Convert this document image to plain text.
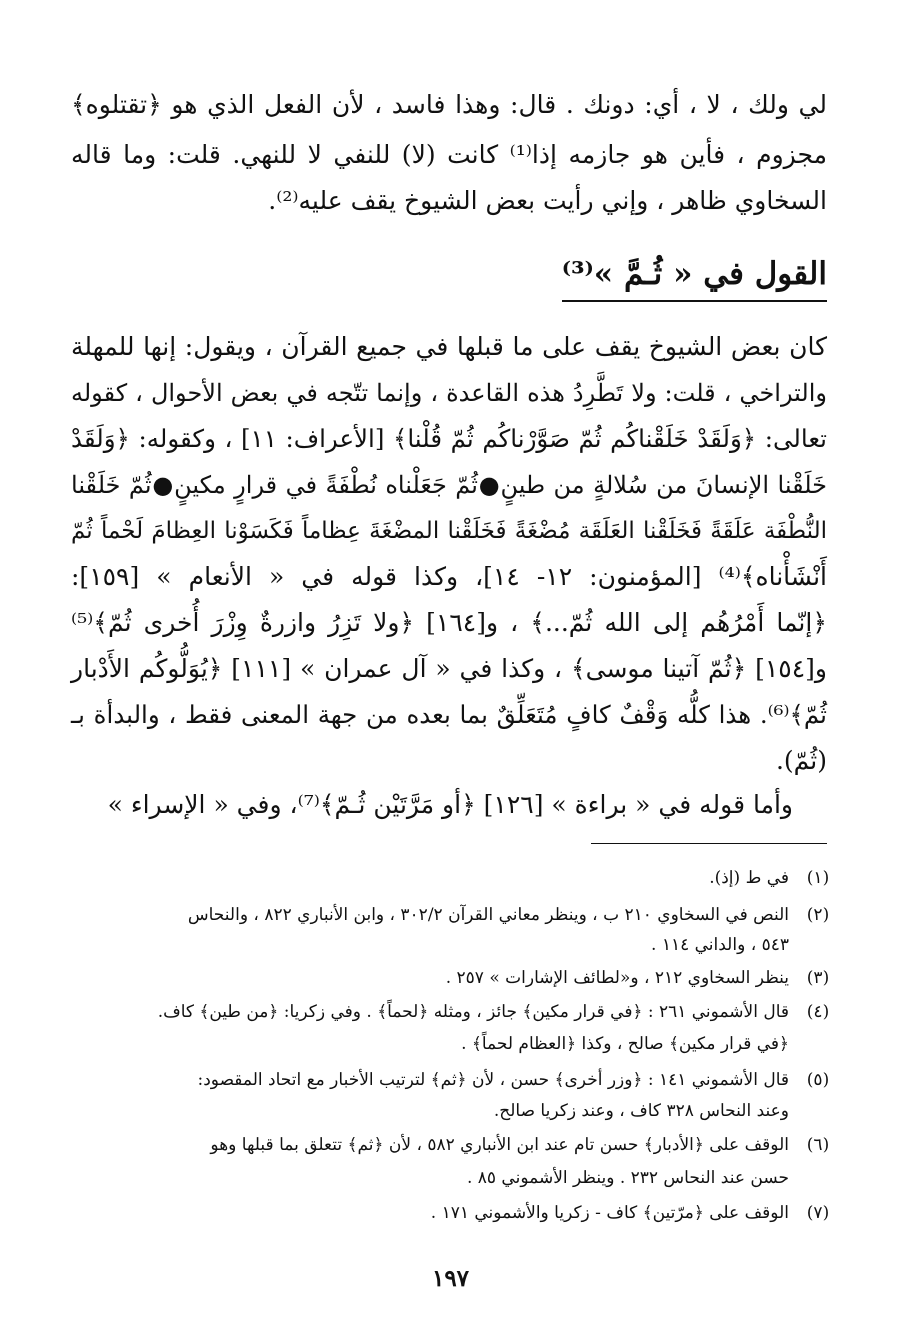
لي ولك ، لا ، أي: دونك . قال: وهذا فاسد ، لأن الفعل الذي هو ﴿تقتلوه﴾
مجزوم ، فأين هو جازمه إذا⁽¹⁾ كانت (لا) للنفي لا للنهي. قلت: وما قاله
السخاوي ظاهر ، وإني رأيت بعض الشيوخ يقف عليه⁽²⁾.
القول في « ثُـمَّ »⁽³⁾
كان بعض الشيوخ يقف على ما قبلها في جميع القرآن ، ويقول: إنها للمهلة
والتراخي ، قلت: ولا تَطَّرِدُ هذه القاعدة ، وإنما تتّجه في بعض الأحوال ، كقوله
تعالى: ﴿وَلَقَدْ خَلَقْناكُم ثُمّ صَوَّرْناكُم ثُمّ قُلْنا﴾ [الأعراف: ١١] ، وكقوله: ﴿وَلَقَدْ
خَلَقْنا الإنسانَ من سُلالةٍ من طينٍ●ثُمّ جَعَلْناه نُطْفَةً في قرارٍ مكينٍ●ثُمّ خَلَقْنا
النُّطْفَة عَلَقَةً فَخَلَقْنا العَلَقَة مُضْغَةً فَخَلَقْنا المضْغَةَ عِظاماً فَكَسَوْنا العِظامَ لَحْماً ثُمّ
أَنْشَأْناه﴾⁽⁴⁾ [المؤمنون: ١٢- ١٤]، وكذا قوله في « الأنعام » [١٥٩]:
﴿إنّما أَمْرُهُم إلى الله ثُمّ...﴾ ، و[١٦٤] ﴿ولا تَزِرُ وازرةٌ وِزْرَ أُخرى ثُمّ﴾⁽⁵⁾
و[١٥٤] ﴿ثُمّ آتينا موسى﴾ ، وكذا في « آل عمران » [١١١] ﴿يُوَلُّوكُم الأَدْبار
ثُمّ﴾⁽⁶⁾. هذا كلُّه وَقْفٌ كافٍ مُتَعَلِّقٌ بما بعده من جهة المعنى فقط ، والبدأة بـ
(ثُمّ).
وأما قوله في « براءة » [١٢٦] ﴿أو مَرَّتَيْن ثُـمّ﴾⁽⁷⁾، وفي « الإسراء »
(١)
في ط (إذ).
(٢)
النص في السخاوي ٢١٠ ب ، وينظر معاني القرآن ٣٠٢/٢ ، وابن الأنباري ٨٢٢ ، والنحاس
٥٤٣ ، والداني ١١٤ .
(٣)
ينظر السخاوي ٢١٢ ، و«لطائف الإشارات » ٢٥٧ .
(٤)
قال الأشموني ٢٦١ : ﴿في قرار مكين﴾ جائز ، ومثله ﴿لحماً﴾ . وفي زكريا: ﴿من طين﴾ كاف.
﴿في قرار مكين﴾ صالح ، وكذا ﴿العظام لحماً﴾ .
(٥)
قال الأشموني ١٤١ : ﴿وزر أخرى﴾ حسن ، لأن ﴿ثم﴾ لترتيب الأخبار مع اتحاد المقصود:
وعند النحاس ٣٢٨ كاف ، وعند زكريا صالح.
(٦)
الوقف على ﴿الأدبار﴾ حسن تام عند ابن الأنباري ٥٨٢ ، لأن ﴿ثم﴾ تتعلق بما قبلها وهو
حسن عند النحاس ٢٣٢ . وينظر الأشموني ٨٥ .
(٧)
الوقف على ﴿مرّتين﴾ كاف - زكريا والأشموني ١٧١ .
١٩٧
